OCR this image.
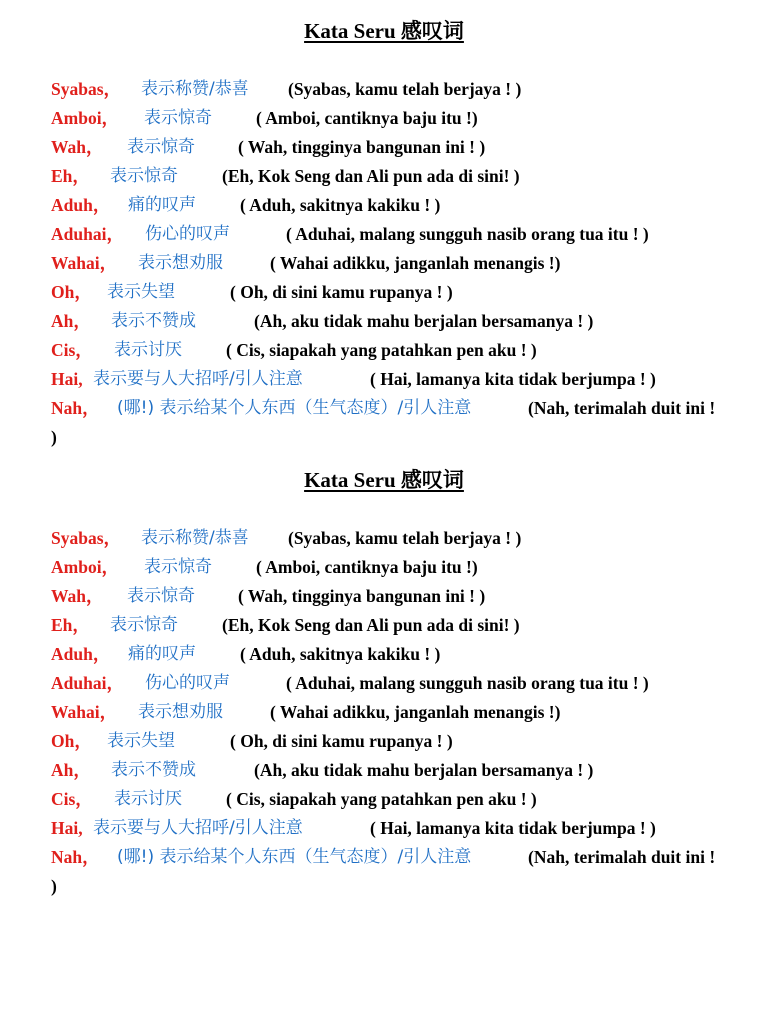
Kata Seru 感叹词
Syabas， 表示称赞/恭喜 (Syabas, kamu telah berjaya ! )
Amboi， 表示惊奇	( Amboi, cantiknya baju itu !)
Wah， 表示惊奇 ( Wah, tingginya bangunan ini ! )
Eh， 表示惊奇	(Eh, Kok Seng dan Ali pun ada di sini! )
Aduh， 痛的叹声	( Aduh, sakitnya kakiku ! )
Aduhai， 伤心的叹声	( Aduhai, malang sungguh nasib orang tua itu ! )
Wahai， 表示想劝服	( Wahai adikku, janganlah menangis !)
Oh， 表示失望	( Oh, di sini kamu rupanya ! )
Ah， 表示不赞成	(Ah, aku tidak mahu berjalan bersamanya ! )
Cis， 表示讨厌	( Cis, siapakah yang patahkan pen aku ! )
Hai, 表示要与人大招呼/引人注意	( Hai, lamanya kita tidak berjumpa ! )
Nah， (哪!) 表示给某个人东西（生气态度）/引人注意	(Nah, terimalah duit ini !
)
Kata Seru 感叹词
Syabas， 表示称赞/恭喜 (Syabas, kamu telah berjaya ! )
Amboi， 表示惊奇	( Amboi, cantiknya baju itu !)
Wah， 表示惊奇 ( Wah, tingginya bangunan ini ! )
Eh， 表示惊奇	(Eh, Kok Seng dan Ali pun ada di sini! )
Aduh， 痛的叹声	( Aduh, sakitnya kakiku ! )
Aduhai， 伤心的叹声	( Aduhai, malang sungguh nasib orang tua itu ! )
Wahai， 表示想劝服	( Wahai adikku, janganlah menangis !)
Oh， 表示失望	( Oh, di sini kamu rupanya ! )
Ah， 表示不赞成	(Ah, aku tidak mahu berjalan bersamanya ! )
Cis， 表示讨厌	( Cis, siapakah yang patahkan pen aku ! )
Hai, 表示要与人大招呼/引人注意	( Hai, lamanya kita tidak berjumpa ! )
Nah， (哪!) 表示给某个人东西（生气态度）/引人注意	(Nah, terimalah duit ini !
)
